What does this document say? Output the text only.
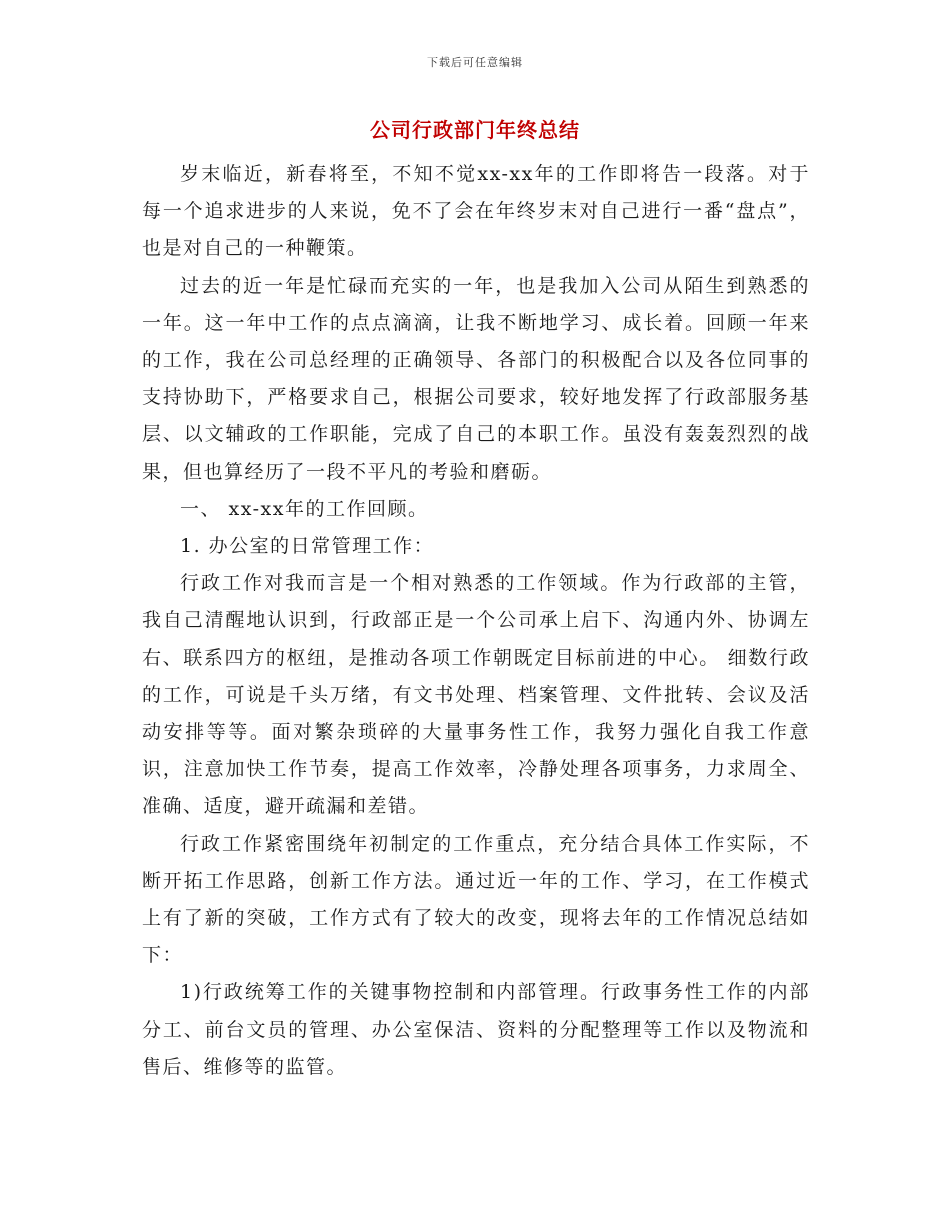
下载后可任意编辑
公司行政部门年终总结

岁末临近，新春将至，不知不觉xx-xx年的工作即将告一段落。对于每一个追求进步的人来说，免不了会在年终岁末对自己进行一番“盘点”，也是对自己的一种鞭策。

过去的近一年是忙碌而充实的一年，也是我加入公司从陌生到熟悉的一年。这一年中工作的点点滴滴，让我不断地学习、成长着。回顾一年来的工作，我在公司总经理的正确领导、各部门的积极配合以及各位同事的支持协助下，严格要求自己，根据公司要求，较好地发挥了行政部服务基层、以文辅政的工作职能，完成了自己的本职工作。虽没有轰轰烈烈的战果，但也算经历了一段不平凡的考验和磨砺。

一、 xx-xx年的工作回顾。

1. 办公室的日常管理工作：

行政工作对我而言是一个相对熟悉的工作领域。作为行政部的主管，我自己清醒地认识到，行政部正是一个公司承上启下、沟通内外、协调左右、联系四方的枢纽，是推动各项工作朝既定目标前进的中心。 细数行政的工作，可说是千头万绪，有文书处理、档案管理、文件批转、会议及活动安排等等。面对繁杂琐碎的大量事务性工作，我努力强化自我工作意识，注意加快工作节奏，提高工作效率，冷静处理各项事务，力求周全、准确、适度，避开疏漏和差错。

行政工作紧密围绕年初制定的工作重点，充分结合具体工作实际，不断开拓工作思路，创新工作方法。通过近一年的工作、学习，在工作模式上有了新的突破，工作方式有了较大的改变，现将去年的工作情况总结如下：

1)行政统筹工作的关键事物控制和内部管理。行政事务性工作的内部分工、前台文员的管理、办公室保洁、资料的分配整理等工作以及物流和售后、维修等的监管。
